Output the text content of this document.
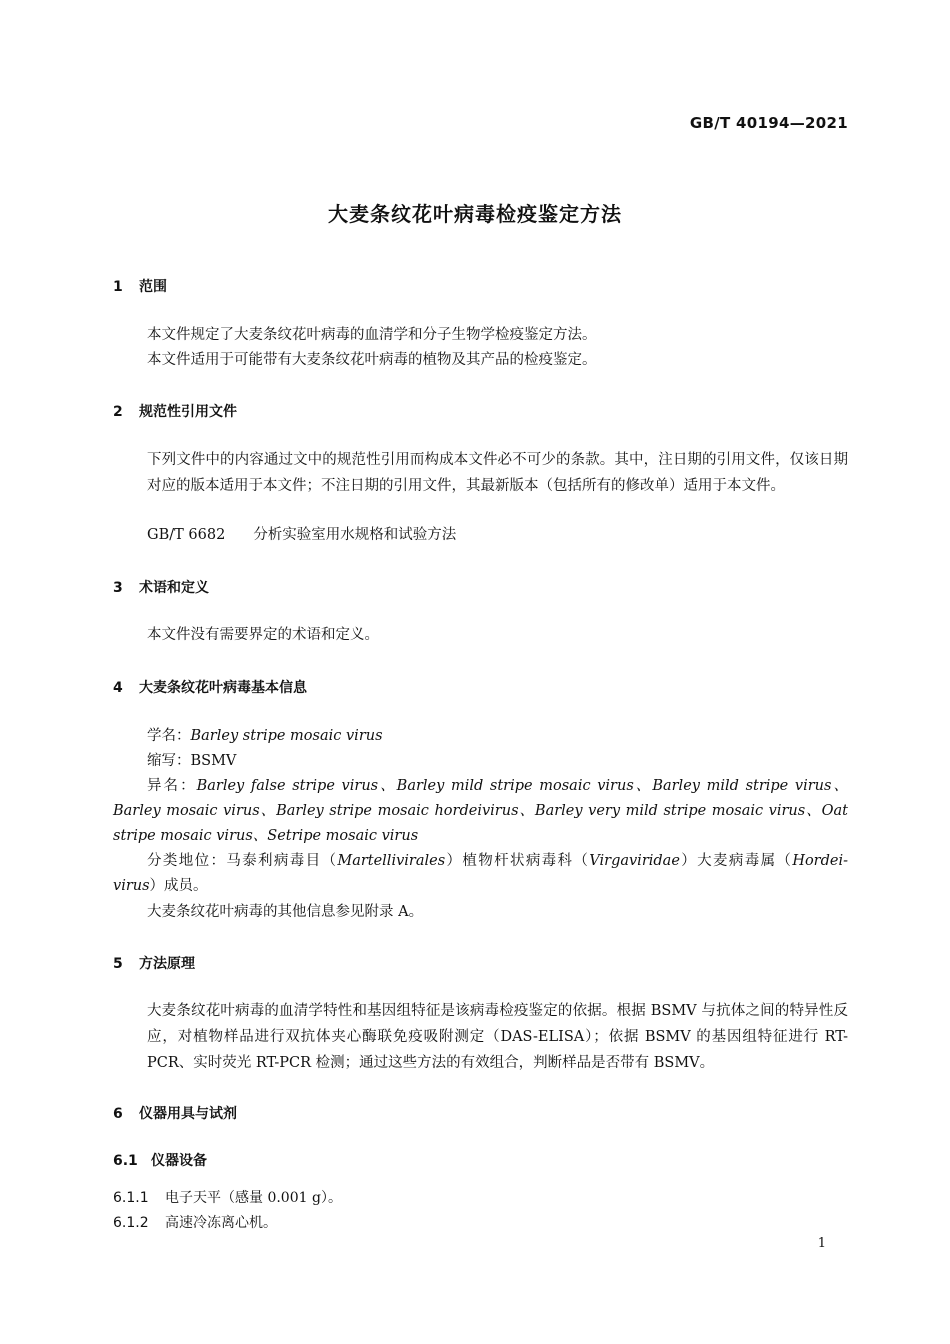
GB/T 40194—2021
大麦条纹花叶病毒检疫鉴定方法
1 范围
本文件规定了大麦条纹花叶病毒的血清学和分子生物学检疫鉴定方法。
本文件适用于可能带有大麦条纹花叶病毒的植物及其产品的检疫鉴定。
2 规范性引用文件
下列文件中的内容通过文中的规范性引用而构成本文件必不可少的条款。其中，注日期的引用文件，仅该日期对应的版本适用于本文件；不注日期的引用文件，其最新版本（包括所有的修改单）适用于本文件。
GB/T 6682 分析实验室用水规格和试验方法
3 术语和定义
本文件没有需要界定的术语和定义。
4 大麦条纹花叶病毒基本信息
学名：Barley stripe mosaic virus
缩写：BSMV
异名：Barley false stripe virus、Barley mild stripe mosaic virus、Barley mild stripe virus、
Barley mosaic virus、Barley stripe mosaic hordeivirus、Barley very mild stripe mosaic virus、Oat
stripe mosaic virus、Setripe mosaic virus
分类地位：马泰利病毒目（Martellivirales）植物杆状病毒科（Virgaviridae）大麦病毒属（Hordei-
virus）成员。
大麦条纹花叶病毒的其他信息参见附录 A。
5 方法原理
大麦条纹花叶病毒的血清学特性和基因组特征是该病毒检疫鉴定的依据。根据 BSMV 与抗体之间的特异性反应，对植物样品进行双抗体夹心酶联免疫吸附测定（DAS-ELISA）；依据 BSMV 的基因组特征进行 RT-PCR、实时荧光 RT-PCR 检测；通过这些方法的有效组合，判断样品是否带有 BSMV。
6 仪器用具与试剂
6.1 仪器设备
6.1.1 电子天平（感量 0.001 g）。
6.1.2 高速冷冻离心机。
1
